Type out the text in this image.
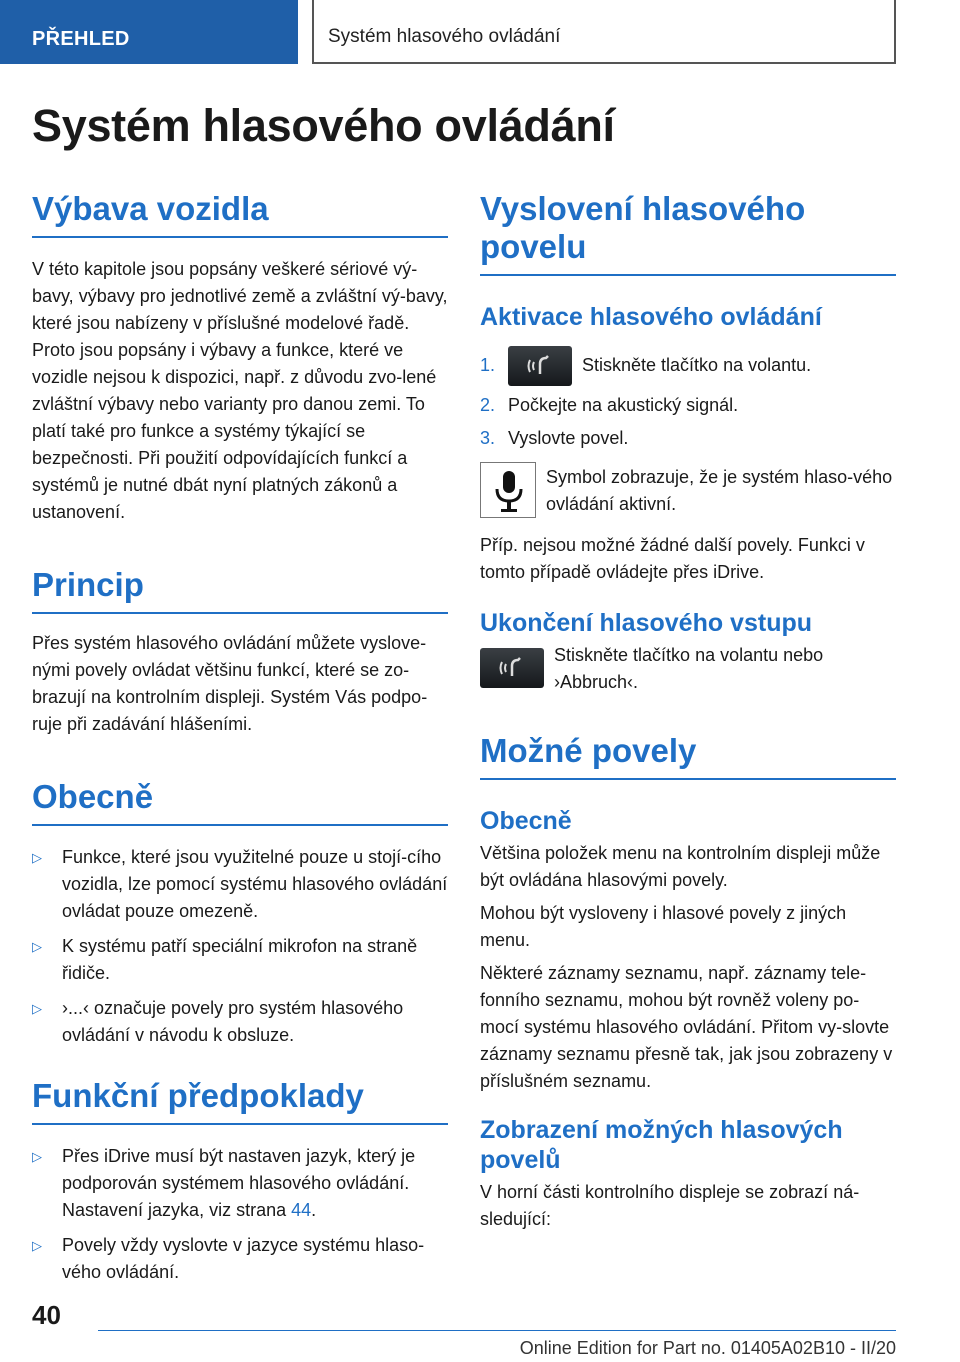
PŘEHLED	Systém hlasového ovládání
Systém hlasového ovládání
Výbava vozidla

V této kapitole jsou popsány veškeré sériové vý‐bavy, výbavy pro jednotlivé země a zvláštní vý‐bavy, které jsou nabízeny v příslušné modelové řadě. Proto jsou popsány i výbavy a funkce, které ve vozidle nejsou k dispozici, např. z důvodu zvo‐lené zvláštní výbavy nebo varianty pro danou zemi. To platí také pro funkce a systémy týkající se bezpečnosti. Při použití odpovídajících funkcí a systémů je nutné dbát nyní platných zákonů a ustanovení.

Princip

Přes systém hlasového ovládání můžete vyslove‐nými povely ovládat většinu funkcí, které se zo‐brazují na kontrolním displeji. Systém Vás podpo‐ruje při zadávání hlášeními.

Obecně
▷ Funkce, které jsou využitelné pouze u stojí‐cího vozidla, lze pomocí systému hlasového ovládání ovládat pouze omezeně.
▷ K systému patří speciální mikrofon na straně řidiče.
▷ ›...‹ označuje povely pro systém hlasového ovládání v návodu k obsluze.
Funkční předpoklady
▷ Přes iDrive musí být nastaven jazyk, který je podporován systémem hlasového ovládání. Nastavení jazyka, viz strana 44.
▷ Povely vždy vyslovte v jazyce systému hlaso‐vého ovládání.
Vyslovení hlasového povelu
Aktivace hlasového ovládání
1.	Stiskněte tlačítko na volantu.
2. Počkejte na akustický signál.
3. Vyslovte povel.

Symbol zobrazuje, že je systém hlaso‐vého ovládání aktivní.

Příp. nejsou možné žádné další povely. Funkci v tomto případě ovládejte přes iDrive.

Ukončení hlasového vstupu

Stiskněte tlačítko na volantu nebo ›Abbruch‹.

Možné povely
Obecně

Většina položek menu na kontrolním displeji může být ovládána hlasovými povely.

Mohou být vysloveny i hlasové povely z jiných menu.

Některé záznamy seznamu, např. záznamy tele‐fonního seznamu, mohou být rovněž voleny po‐mocí systému hlasového ovládání. Přitom vy‐slovte záznamy seznamu přesně tak, jak jsou zobrazeny v příslušném seznamu.

Zobrazení možných hlasových povelů

V horní části kontrolního displeje se zobrazí ná‐sledující:

40
Online Edition for Part no. 01405A02B10 - II/20
